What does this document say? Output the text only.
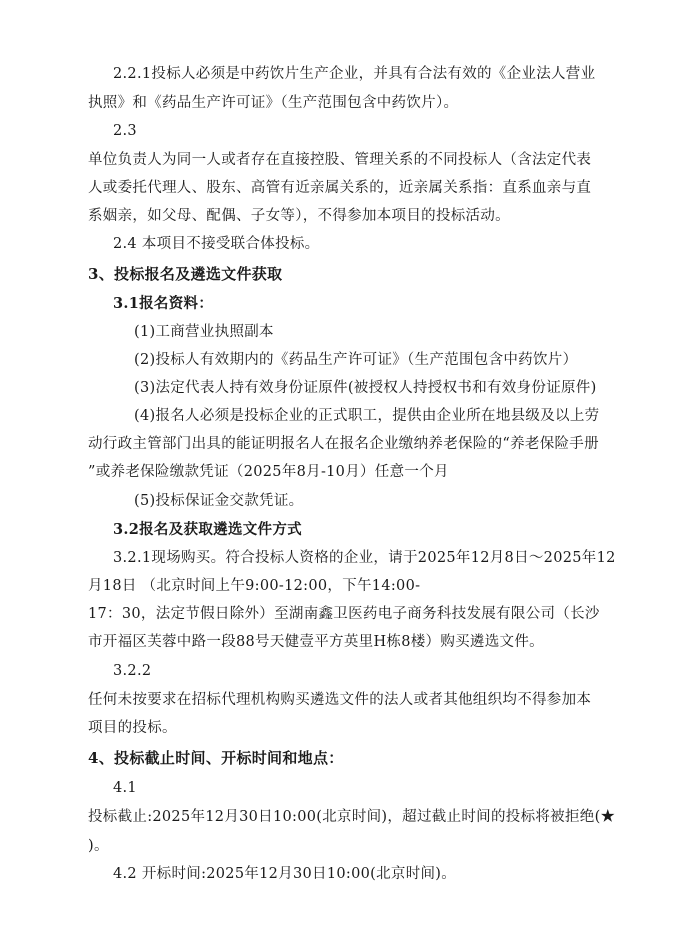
2.2.1投标人必须是中药饮片生产企业，并具有合法有效的《企业法人营业
执照》和《药品生产许可证》（生产范围包含中药饮片）。
2.3
单位负责人为同一人或者存在直接控股、管理关系的不同投标人（含法定代表
人或委托代理人、股东、高管有近亲属关系的，近亲属关系指：直系血亲与直
系姻亲，如父母、配偶、子女等），不得参加本项目的投标活动。
2.4 本项目不接受联合体投标。
3、投标报名及遴选文件获取
3.1报名资料：
(1)工商营业执照副本
(2)投标人有效期内的《药品生产许可证》（生产范围包含中药饮片）
(3)法定代表人持有效身份证原件(被授权人持授权书和有效身份证原件)
(4)报名人必须是投标企业的正式职工，提供由企业所在地县级及以上劳
动行政主管部门出具的能证明报名人在报名企业缴纳养老保险的“养老保险手册
”或养老保险缴款凭证（2025年8月-10月）任意一个月
(5)投标保证金交款凭证。
3.2报名及获取遴选文件方式
3.2.1现场购买。符合投标人资格的企业，请于2025年12月8日～2025年12
月18日 （北京时间上午9:00-12:00，下午14:00-
17：30，法定节假日除外）至湖南鑫卫医药电子商务科技发展有限公司（长沙
市开福区芙蓉中路一段88号天健壹平方英里H栋8楼）购买遴选文件。
3.2.2
任何未按要求在招标代理机构购买遴选文件的法人或者其他组织均不得参加本
项目的投标。
4、投标截止时间、开标时间和地点：
4.1
投标截止:2025年12月30日10:00(北京时间)，超过截止时间的投标将被拒绝(★
)。
4.2 开标时间:2025年12月30日10:00(北京时间)。
